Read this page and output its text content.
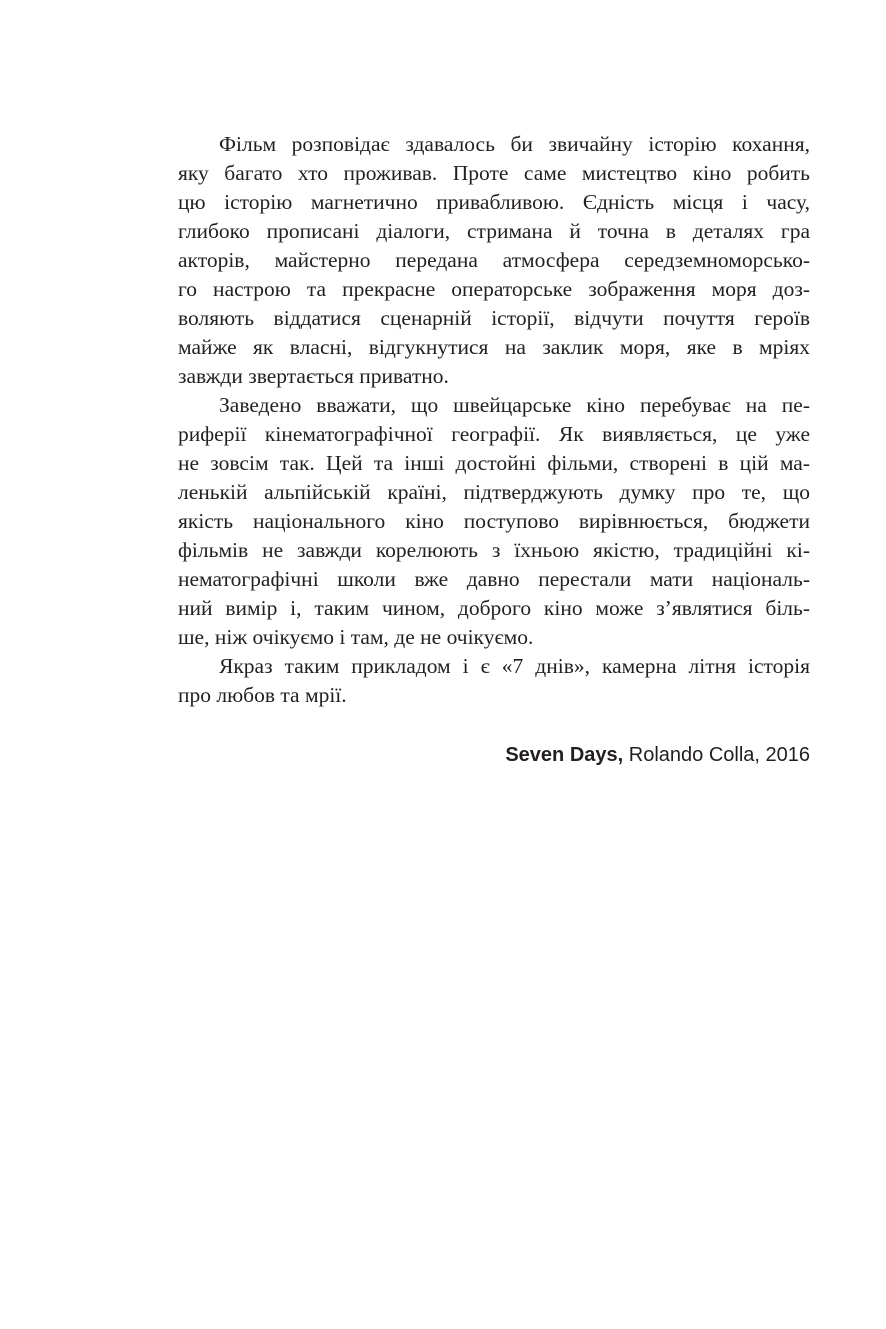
Фільм розповідає здавалось би звичайну історію кохання,
яку багато хто проживав. Проте саме мистецтво кіно робить
цю історію магнетично привабливою. Єдність місця і часу,
глибоко прописані діалоги, стримана й точна в деталях гра
акторів, майстерно передана атмосфера середземноморсько-
го настрою та прекрасне операторське зображення моря доз-
воляють віддатися сценарній історії, відчути почуття героїв
майже як власні, відгукнутися на заклик моря, яке в мріях
завжди звертається приватно.
Заведено вважати, що швейцарське кіно перебуває на пе-
риферії кінематографічної географії. Як виявляється, це уже
не зовсім так. Цей та інші достойні фільми, створені в цій ма-
ленькій альпійській країні, підтверджують думку про те, що
якість національного кіно поступово вирівнюється, бюджети
фільмів не завжди корелюють з їхньою якістю, традиційні кі-
нематографічні школи вже давно перестали мати національ-
ний вимір і, таким чином, доброго кіно може з’являтися біль-
ше, ніж очікуємо і там, де не очікуємо.
Якраз таким прикладом і є «7 днів», камерна літня історія
про любов та мрії.
Seven Days, Rolando Colla, 2016
